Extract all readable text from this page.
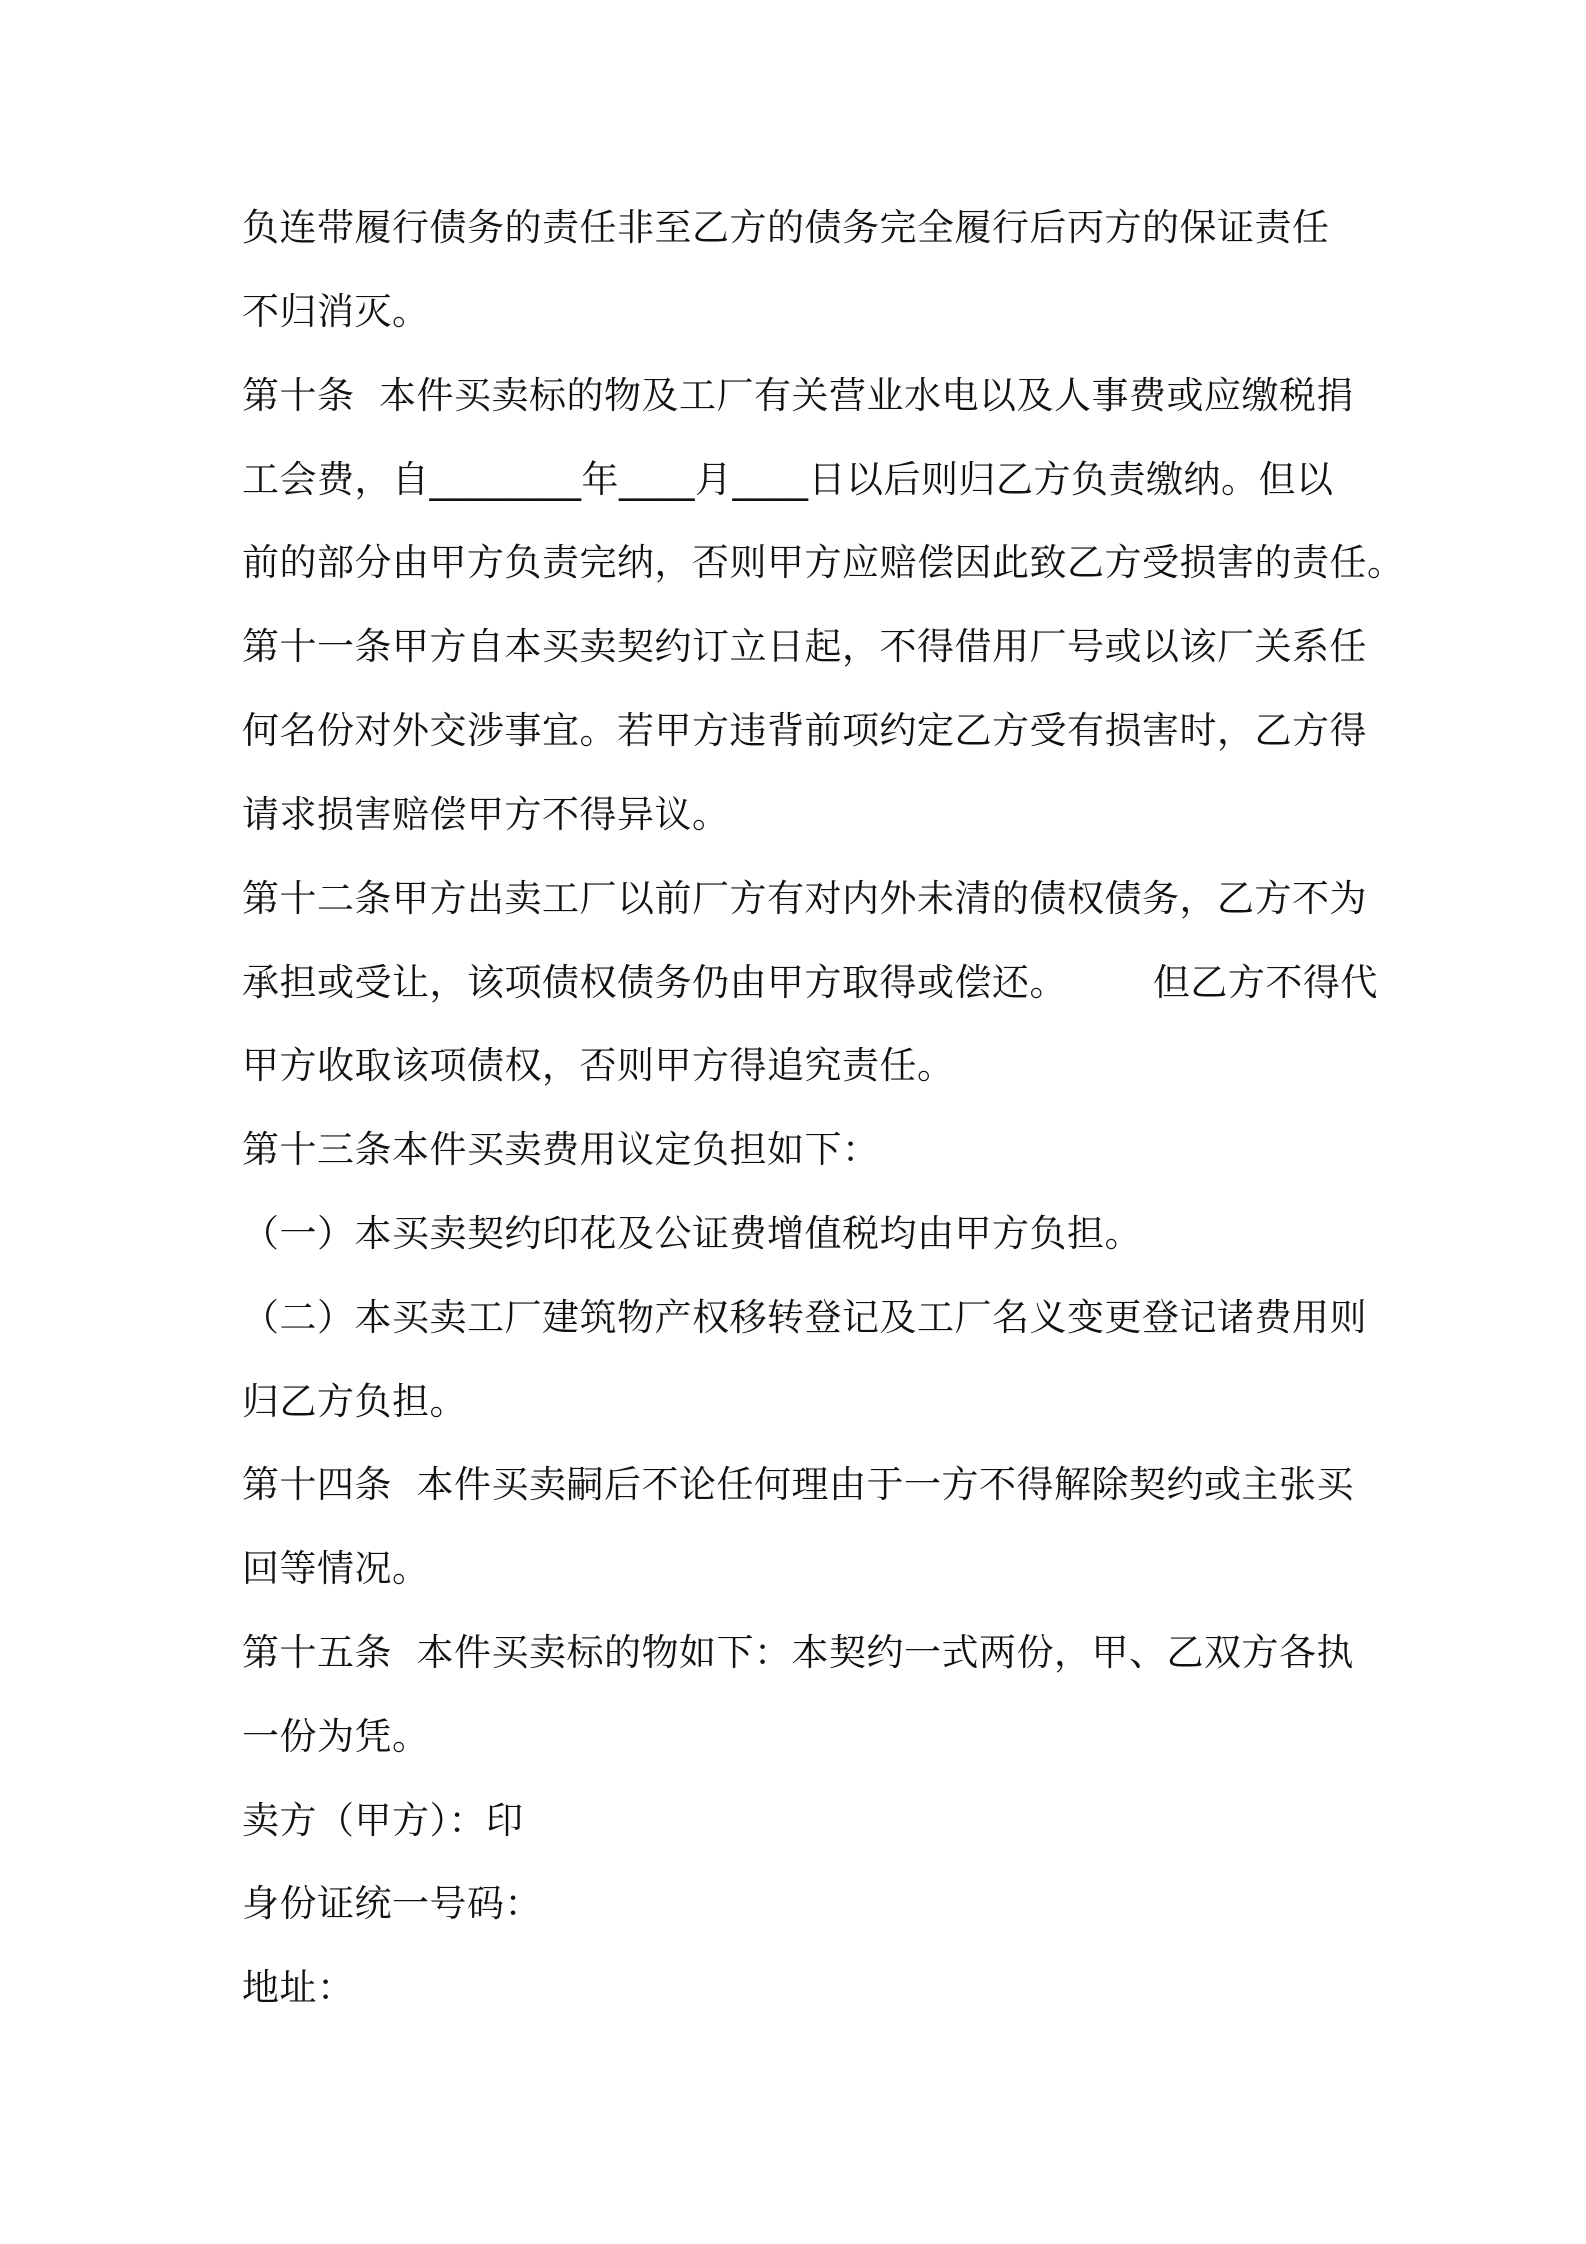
负连带履行债务的责任非至乙方的债务完全履行后丙方的保证责任
不归消灭。
第十条  本件买卖标的物及工厂有关营业水电以及人事费或应缴税捐
工会费，自________年____月____日以后则归乙方负责缴纳。但以
前的部分由甲方负责完纳，否则甲方应赔偿因此致乙方受损害的责任。
第十一条甲方自本买卖契约订立日起，不得借用厂号或以该厂关系任
何名份对外交涉事宜。若甲方违背前项约定乙方受有损害时，乙方得
请求损害赔偿甲方不得异议。
第十二条甲方出卖工厂以前厂方有对内外未清的债权债务，乙方不为
承担或受让，该项债权债务仍由甲方取得或偿还。       但乙方不得代
甲方收取该项债权，否则甲方得追究责任。
第十三条本件买卖费用议定负担如下：
（一）本买卖契约印花及公证费增值税均由甲方负担。
（二）本买卖工厂建筑物产权移转登记及工厂名义变更登记诸费用则
归乙方负担。
第十四条  本件买卖嗣后不论任何理由于一方不得解除契约或主张买
回等情况。
第十五条  本件买卖标的物如下：本契约一式两份，甲、乙双方各执
一份为凭。
卖方（甲方）：印
身份证统一号码：
地址：
